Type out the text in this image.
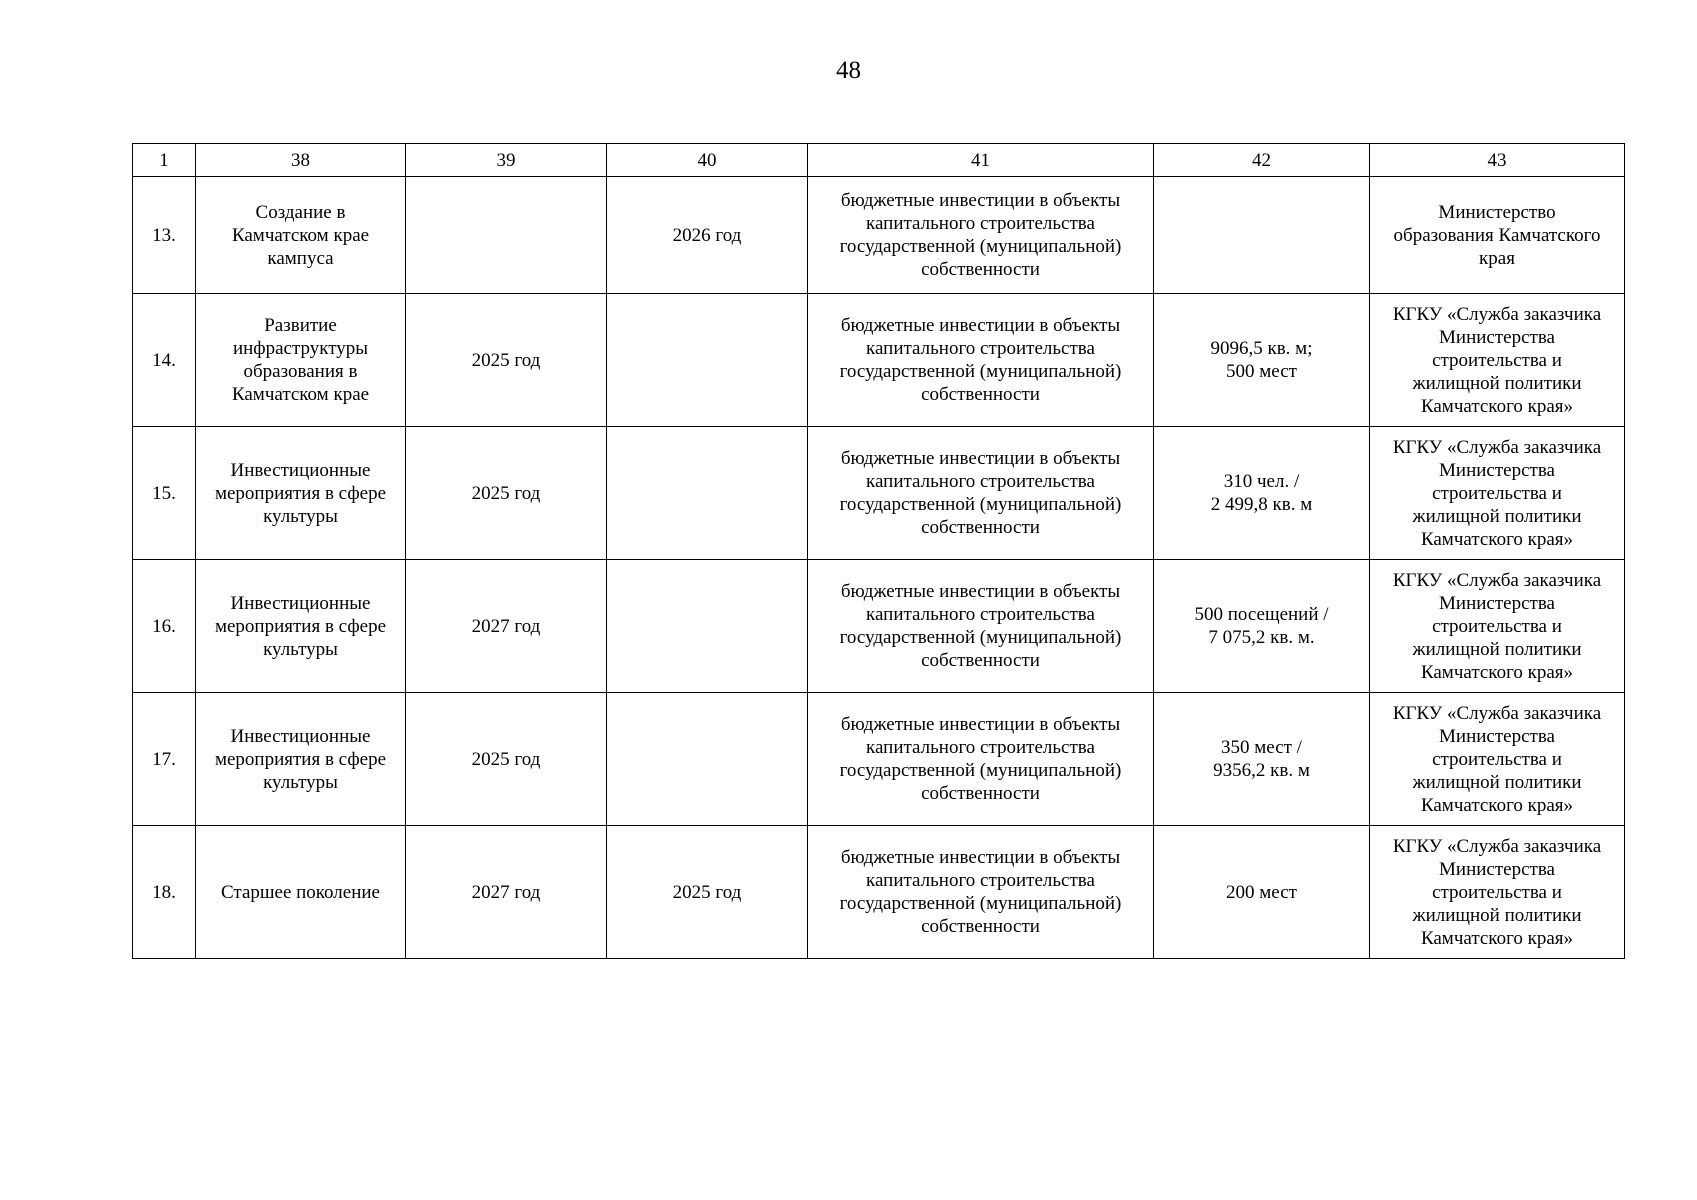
48
1	38	39	40	41	42	43
13.	Создание в
Камчатском крае
кампуса		2026 год	бюджетные инвестиции в объекты
капитального строительства
государственной (муниципальной)
собственности		Министерство
образования Камчатского
края
14.	Развитие
инфраструктуры
образования в
Камчатском крае	2025 год		бюджетные инвестиции в объекты
капитального строительства
государственной (муниципальной)
собственности	9096,5 кв. м;
500 мест	КГКУ «Служба заказчика
Министерства
строительства и
жилищной политики
Камчатского края»
15.	Инвестиционные
мероприятия в сфере
культуры	2025 год		бюджетные инвестиции в объекты
капитального строительства
государственной (муниципальной)
собственности	310 чел. /
2 499,8 кв. м	КГКУ «Служба заказчика
Министерства
строительства и
жилищной политики
Камчатского края»
16.	Инвестиционные
мероприятия в сфере
культуры	2027 год		бюджетные инвестиции в объекты
капитального строительства
государственной (муниципальной)
собственности	500 посещений /
7 075,2 кв. м.	КГКУ «Служба заказчика
Министерства
строительства и
жилищной политики
Камчатского края»
17.	Инвестиционные
мероприятия в сфере
культуры	2025 год		бюджетные инвестиции в объекты
капитального строительства
государственной (муниципальной)
собственности	350 мест /
9356,2 кв. м	КГКУ «Служба заказчика
Министерства
строительства и
жилищной политики
Камчатского края»
18.	Старшее поколение	2027 год	2025 год	бюджетные инвестиции в объекты
капитального строительства
государственной (муниципальной)
собственности	200 мест	КГКУ «Служба заказчика
Министерства
строительства и
жилищной политики
Камчатского края»
